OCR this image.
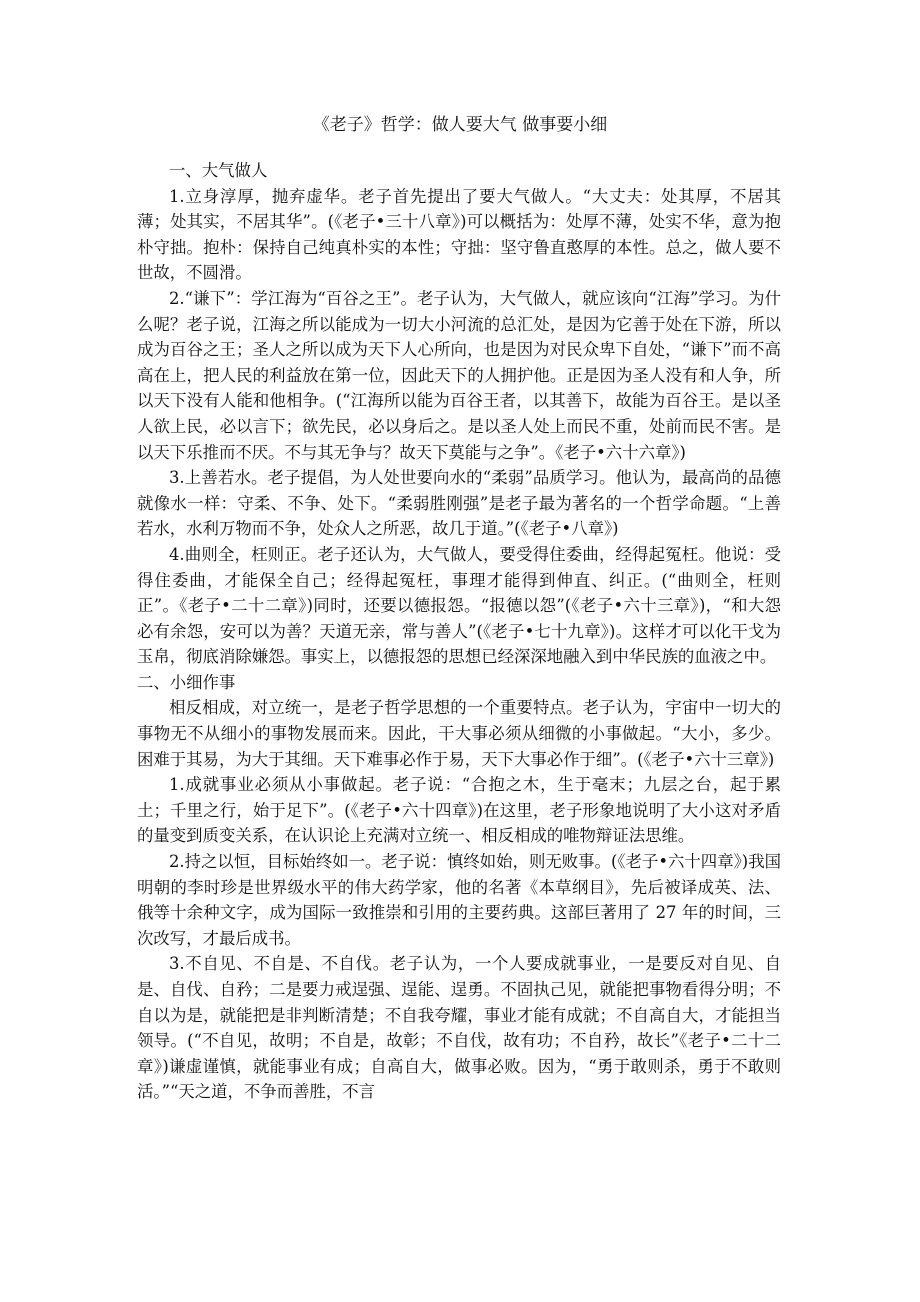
《老子》哲学：做人要大气 做事要小细

一、大气做人

1.立身淳厚，抛弃虚华。老子首先提出了要大气做人。“大丈夫：处其厚，不居其薄；处其实，不居其华”。(《老子•三十八章》)可以概括为：处厚不薄，处实不华，意为抱朴守拙。抱朴：保持自己纯真朴实的本性；守拙：坚守鲁直憨厚的本性。总之，做人要不世故，不圆滑。

2.“谦下”：学江海为“百谷之王”。老子认为，大气做人，就应该向“江海”学习。为什么呢？老子说，江海之所以能成为一切大小河流的总汇处，是因为它善于处在下游，所以成为百谷之王；圣人之所以成为天下人心所向，也是因为对民众卑下自处，“谦下”而不高高在上，把人民的利益放在第一位，因此天下的人拥护他。正是因为圣人没有和人争，所以天下没有人能和他相争。(“江海所以能为百谷王者，以其善下，故能为百谷王。是以圣人欲上民，必以言下；欲先民，必以身后之。是以圣人处上而民不重，处前而民不害。是以天下乐推而不厌。不与其无争与？故天下莫能与之争”。《老子•六十六章》)

3.上善若水。老子提倡，为人处世要向水的“柔弱”品质学习。他认为，最高尚的品德就像水一样：守柔、不争、处下。“柔弱胜刚强”是老子最为著名的一个哲学命题。“上善若水，水利万物而不争，处众人之所恶，故几于道。”(《老子•八章》)

4.曲则全，枉则正。老子还认为，大气做人，要受得住委曲，经得起冤枉。他说：受得住委曲，才能保全自己；经得起冤枉，事理才能得到伸直、纠正。(“曲则全，枉则正”。《老子•二十二章》)同时，还要以德报怨。“报德以怨”(《老子•六十三章》)，“和大怨必有余怨，安可以为善？天道无亲，常与善人”(《老子•七十九章》)。这样才可以化干戈为玉帛，彻底消除嫌怨。事实上，以德报怨的思想已经深深地融入到中华民族的血液之中。

二、小细作事

相反相成，对立统一，是老子哲学思想的一个重要特点。老子认为，宇宙中一切大的事物无不从细小的事物发展而来。因此，干大事必须从细微的小事做起。“大小，多少。困难于其易，为大于其细。天下难事必作于易，天下大事必作于细”。(《老子•六十三章》)

1.成就事业必须从小事做起。老子说：“合抱之木，生于毫末；九层之台，起于累土；千里之行，始于足下”。(《老子•六十四章》)在这里，老子形象地说明了大小这对矛盾的量变到质变关系，在认识论上充满对立统一、相反相成的唯物辩证法思维。

2.持之以恒，目标始终如一。老子说：慎终如始，则无败事。(《老子•六十四章》)我国明朝的李时珍是世界级水平的伟大药学家，他的名著《本草纲目》，先后被译成英、法、俄等十余种文字，成为国际一致推崇和引用的主要药典。这部巨著用了 27 年的时间，三次改写，才最后成书。

3.不自见、不自是、不自伐。老子认为，一个人要成就事业，一是要反对自见、自是、自伐、自矜；二是要力戒逞强、逞能、逞勇。不固执己见，就能把事物看得分明；不自以为是，就能把是非判断清楚；不自我夸耀，事业才能有成就；不自高自大，才能担当领导。(“不自见，故明；不自是，故彰；不自伐，故有功；不自矜，故长”《老子•二十二章》)谦虚谨慎，就能事业有成；自高自大，做事必败。因为，“勇于敢则杀，勇于不敢则活。”“天之道，不争而善胜，不言
